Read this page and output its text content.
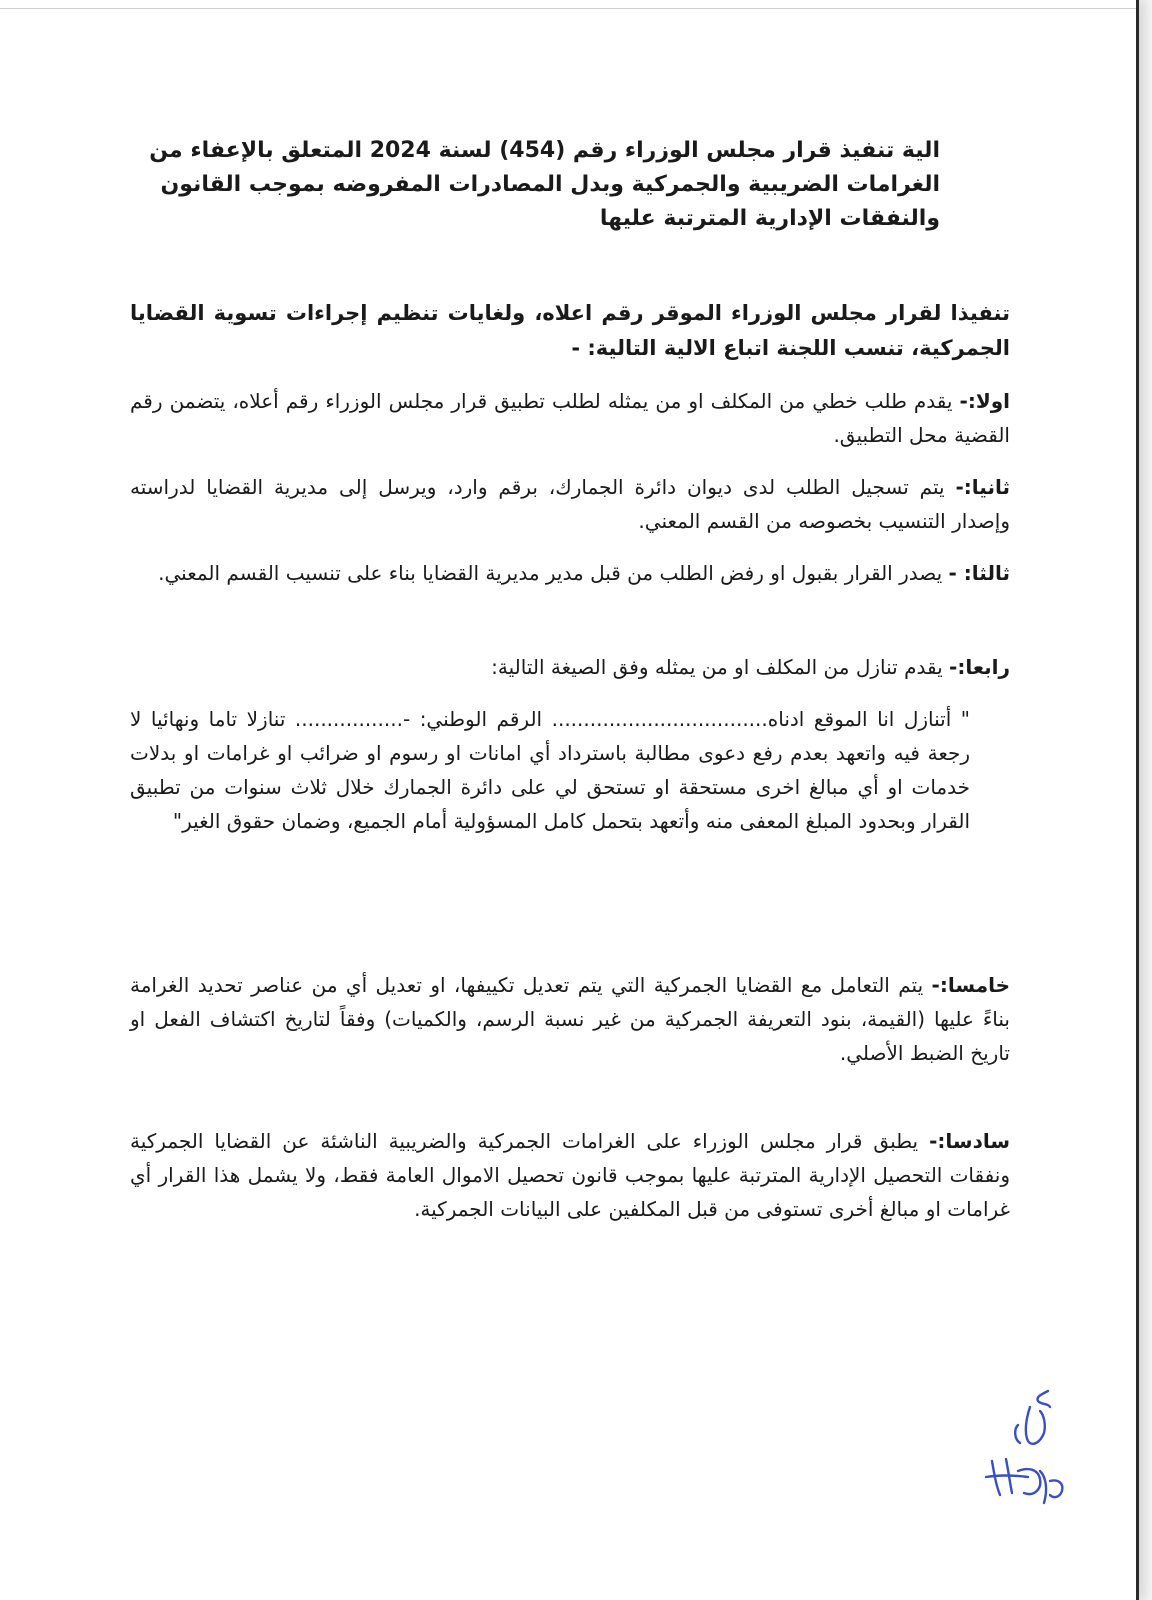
الية تنفيذ قرار مجلس الوزراء رقم (454) لسنة 2024 المتعلق بالإعفاء من
الغرامات الضريبية والجمركية وبدل المصادرات المفروضه بموجب القانون
والنفقات الإدارية المترتبة عليها
تنفيذا لقرار مجلس الوزراء الموقر رقم اعلاه، ولغايات تنظيم إجراءات تسوية القضايا الجمركية، تنسب اللجنة اتباع الالية التالية: -
اولا:- يقدم طلب خطي من المكلف او من يمثله لطلب تطبيق قرار مجلس الوزراء رقم أعلاه، يتضمن رقم القضية محل التطبيق.
ثانيا:- يتم تسجيل الطلب لدى ديوان دائرة الجمارك، برقم وارد، ويرسل إلى مديرية القضايا لدراسته وإصدار التنسيب بخصوصه من القسم المعني.
ثالثا: - يصدر القرار بقبول او رفض الطلب من قبل مدير مديرية القضايا بناء على تنسيب القسم المعني.
رابعا:- يقدم تنازل من المكلف او من يمثله وفق الصيغة التالية:
" أتنازل انا الموقع ادناه.................................. الرقم الوطني: -................. تنازلا تاما ونهائيا لا رجعة فيه واتعهد بعدم رفع دعوى مطالبة باسترداد أي امانات او رسوم او ضرائب او غرامات او بدلات خدمات او أي مبالغ اخرى مستحقة او تستحق لي على دائرة الجمارك خلال ثلاث سنوات من تطبيق القرار وبحدود المبلغ المعفى منه وأتعهد بتحمل كامل المسؤولية أمام الجميع، وضمان حقوق الغير"
خامسا:- يتم التعامل مع القضايا الجمركية التي يتم تعديل تكييفها، او تعديل أي من عناصر تحديد الغرامة بناءً عليها (القيمة، بنود التعريفة الجمركية من غير نسبة الرسم، والكميات) وفقاً لتاريخ اكتشاف الفعل او تاريخ الضبط الأصلي.
سادسا:- يطبق قرار مجلس الوزراء على الغرامات الجمركية والضريبية الناشئة عن القضايا الجمركية ونفقات التحصيل الإدارية المترتبة عليها بموجب قانون تحصيل الاموال العامة فقط، ولا يشمل هذا القرار أي غرامات او مبالغ أخرى تستوفى من قبل المكلفين على البيانات الجمركية.
